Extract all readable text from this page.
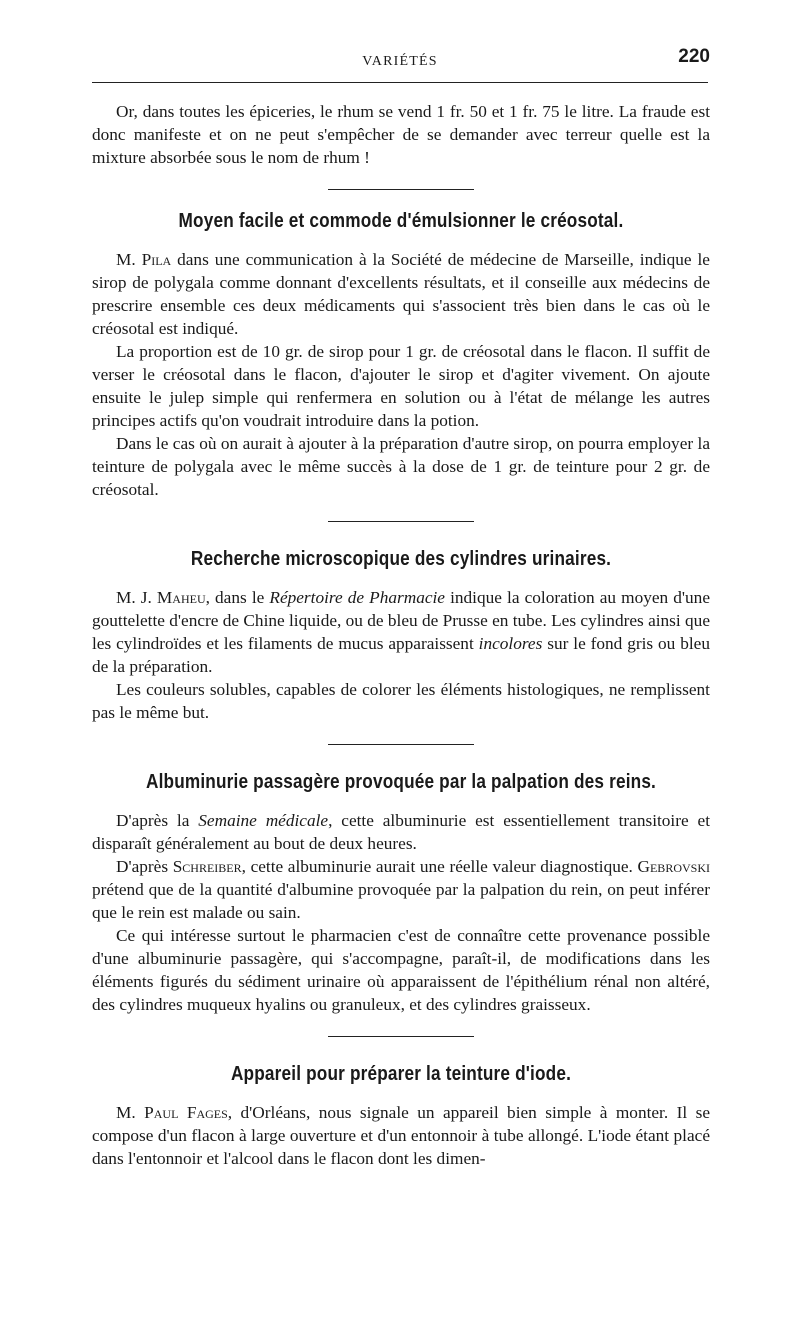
VARIÉTÉS	220

Or, dans toutes les épiceries, le rhum se vend 1 fr. 50 et 1 fr. 75 le litre. La fraude est donc manifeste et on ne peut s'empêcher de se demander avec terreur quelle est la mixture absorbée sous le nom de rhum !

Moyen facile et commode d'émulsionner le créosotal.

M. Pila dans une communication à la Société de médecine de Marseille, indique le sirop de polygala comme donnant d'excellents résultats, et il conseille aux médecins de prescrire ensemble ces deux médicaments qui s'associent très bien dans le cas où le créosotal est indiqué.

La proportion est de 10 gr. de sirop pour 1 gr. de créosotal dans le flacon. Il suffit de verser le créosotal dans le flacon, d'ajouter le sirop et d'agiter vivement. On ajoute ensuite le julep simple qui renfermera en solution ou à l'état de mélange les autres principes actifs qu'on voudrait introduire dans la potion.

Dans le cas où on aurait à ajouter à la préparation d'autre sirop, on pourra employer la teinture de polygala avec le même succès à la dose de 1 gr. de teinture pour 2 gr. de créosotal.

Recherche microscopique des cylindres urinaires.

M. J. Maheu, dans le Répertoire de Pharmacie indique la coloration au moyen d'une gouttelette d'encre de Chine liquide, ou de bleu de Prusse en tube. Les cylindres ainsi que les cylindroïdes et les filaments de mucus apparaissent incolores sur le fond gris ou bleu de la préparation.

Les couleurs solubles, capables de colorer les éléments histologiques, ne remplissent pas le même but.

Albuminurie passagère provoquée par la palpation des reins.

D'après la Semaine médicale, cette albuminurie est essentiellement transitoire et disparaît généralement au bout de deux heures.

D'après Schreiber, cette albuminurie aurait une réelle valeur diagnostique. Gebrovski prétend que de la quantité d'albumine provoquée par la palpation du rein, on peut inférer que le rein est malade ou sain.

Ce qui intéresse surtout le pharmacien c'est de connaître cette provenance possible d'une albuminurie passagère, qui s'accompagne, paraît-il, de modifications dans les éléments figurés du sédiment urinaire où apparaissent de l'épithélium rénal non altéré, des cylindres muqueux hyalins ou granuleux, et des cylindres graisseux.

Appareil pour préparer la teinture d'iode.

M. Paul Fages, d'Orléans, nous signale un appareil bien simple à monter. Il se compose d'un flacon à large ouverture et d'un entonnoir à tube allongé. L'iode étant placé dans l'entonnoir et l'alcool dans le flacon dont les dimen-
